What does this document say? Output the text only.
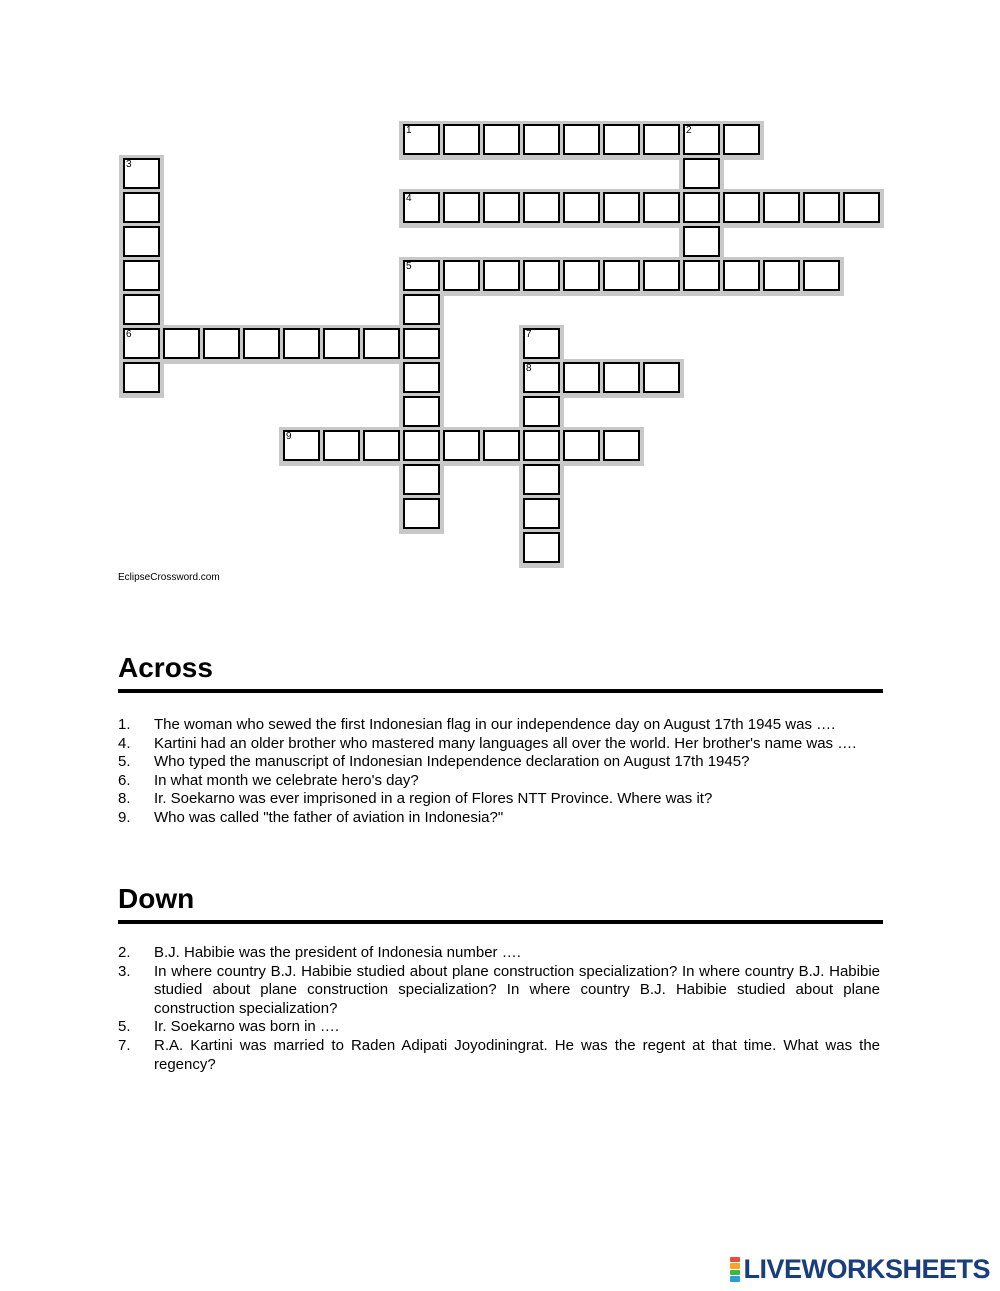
1	2
3
6
4
5
7
8
9
EclipseCrossword.com
Across
1. The woman who sewed the first Indonesian flag in our independence day on August 17th 1945 was ….
4. Kartini had an older brother who mastered many languages all over the world. Her brother's name was ….
5. Who typed the manuscript of Indonesian Independence declaration on August 17th 1945?
6. In what month we celebrate hero's day?
8. Ir. Soekarno was ever imprisoned in a region of Flores NTT Province. Where was it?
9. Who was called "the father of aviation in Indonesia?"
Down
2. B.J. Habibie was the president of Indonesia number ….
3. In where country B.J. Habibie studied about plane construction specialization? In where country B.J. Habibie studied about plane construction specialization? In where country B.J. Habibie studied about plane construction specialization?
5. Ir. Soekarno was born in ….
7. R.A. Kartini was married to Raden Adipati Joyodiningrat. He was the regent at that time. What was the regency?
LIVEWORKSHEETS
